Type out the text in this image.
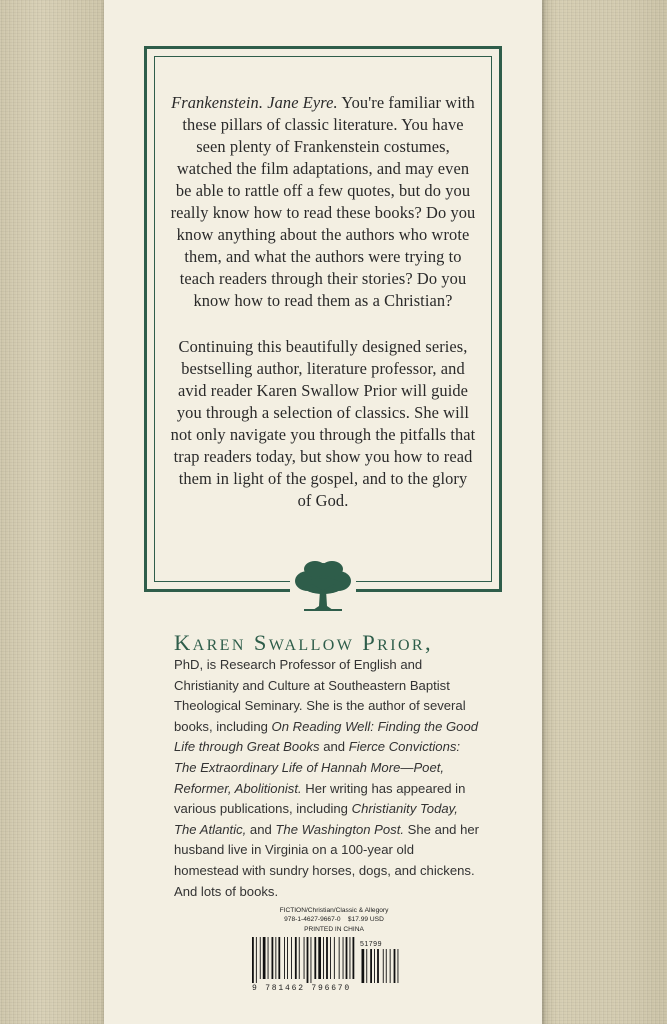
Frankenstein. Jane Eyre. You're familiar with these pillars of classic literature. You have seen plenty of Frankenstein costumes, watched the film adaptations, and may even be able to rattle off a few quotes, but do you really know how to read these books? Do you know anything about the authors who wrote them, and what the authors were trying to teach readers through their stories? Do you know how to read them as a Christian?

Continuing this beautifully designed series, bestselling author, literature professor, and avid reader Karen Swallow Prior will guide you through a selection of classics. She will not only navigate you through the pitfalls that trap readers today, but show you how to read them in light of the gospel, and to the glory of God.

Karen Swallow Prior,
PhD, is Research Professor of English and Christianity and Culture at Southeastern Baptist Theological Seminary. She is the author of several books, including On Reading Well: Finding the Good Life through Great Books and Fierce Convictions: The Extraordinary Life of Hannah More—Poet, Reformer, Abolitionist. Her writing has appeared in various publications, including Christianity Today, The Atlantic, and The Washington Post. She and her husband live in Virginia on a 100-year old homestead with sundry horses, dogs, and chickens. And lots of books.
FICTION/Christian/Classic & Allegory
978-1-4627-9667-0    $17.99 USD
PRINTED IN CHINA
51799
9 781462 796670
